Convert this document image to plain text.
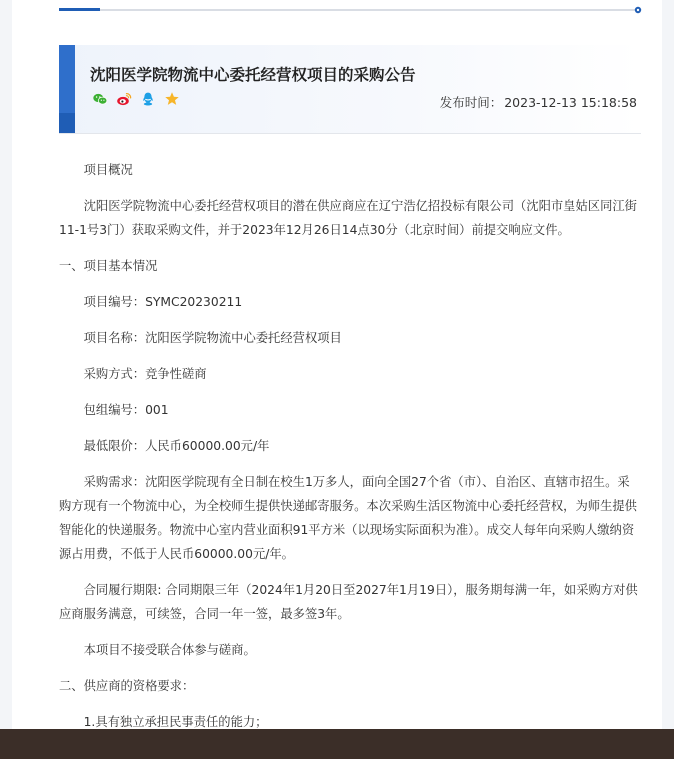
沈阳医学院物流中心委托经营权项目的采购公告
发布时间： 2023-12-13 15:18:58

项目概况

沈阳医学院物流中心委托经营权项目的潜在供应商应在辽宁浩亿招投标有限公司（沈阳市皇姑区同江街11-1号3门）获取采购文件，并于2023年12月26日14点30分（北京时间）前提交响应文件。

一、项目基本情况

项目编号：SYMC20230211

项目名称：沈阳医学院物流中心委托经营权项目

采购方式：竞争性磋商

包组编号：001

最低限价：人民币60000.00元/年

采购需求：沈阳医学院现有全日制在校生1万多人，面向全国27个省（市）、自治区、直辖市招生。采购方现有一个物流中心，为全校师生提供快递邮寄服务。本次采购生活区物流中心委托经营权，为师生提供智能化的快递服务。物流中心室内营业面积91平方米（以现场实际面积为准）。成交人每年向采购人缴纳资源占用费，不低于人民币60000.00元/年。

合同履行期限: 合同期限三年（2024年1月20日至2027年1月19日），服务期每满一年，如采购方对供应商服务满意，可续签，合同一年一签，最多签3年。

本项目不接受联合体参与磋商。

二、供应商的资格要求：

1.具有独立承担民事责任的能力；
